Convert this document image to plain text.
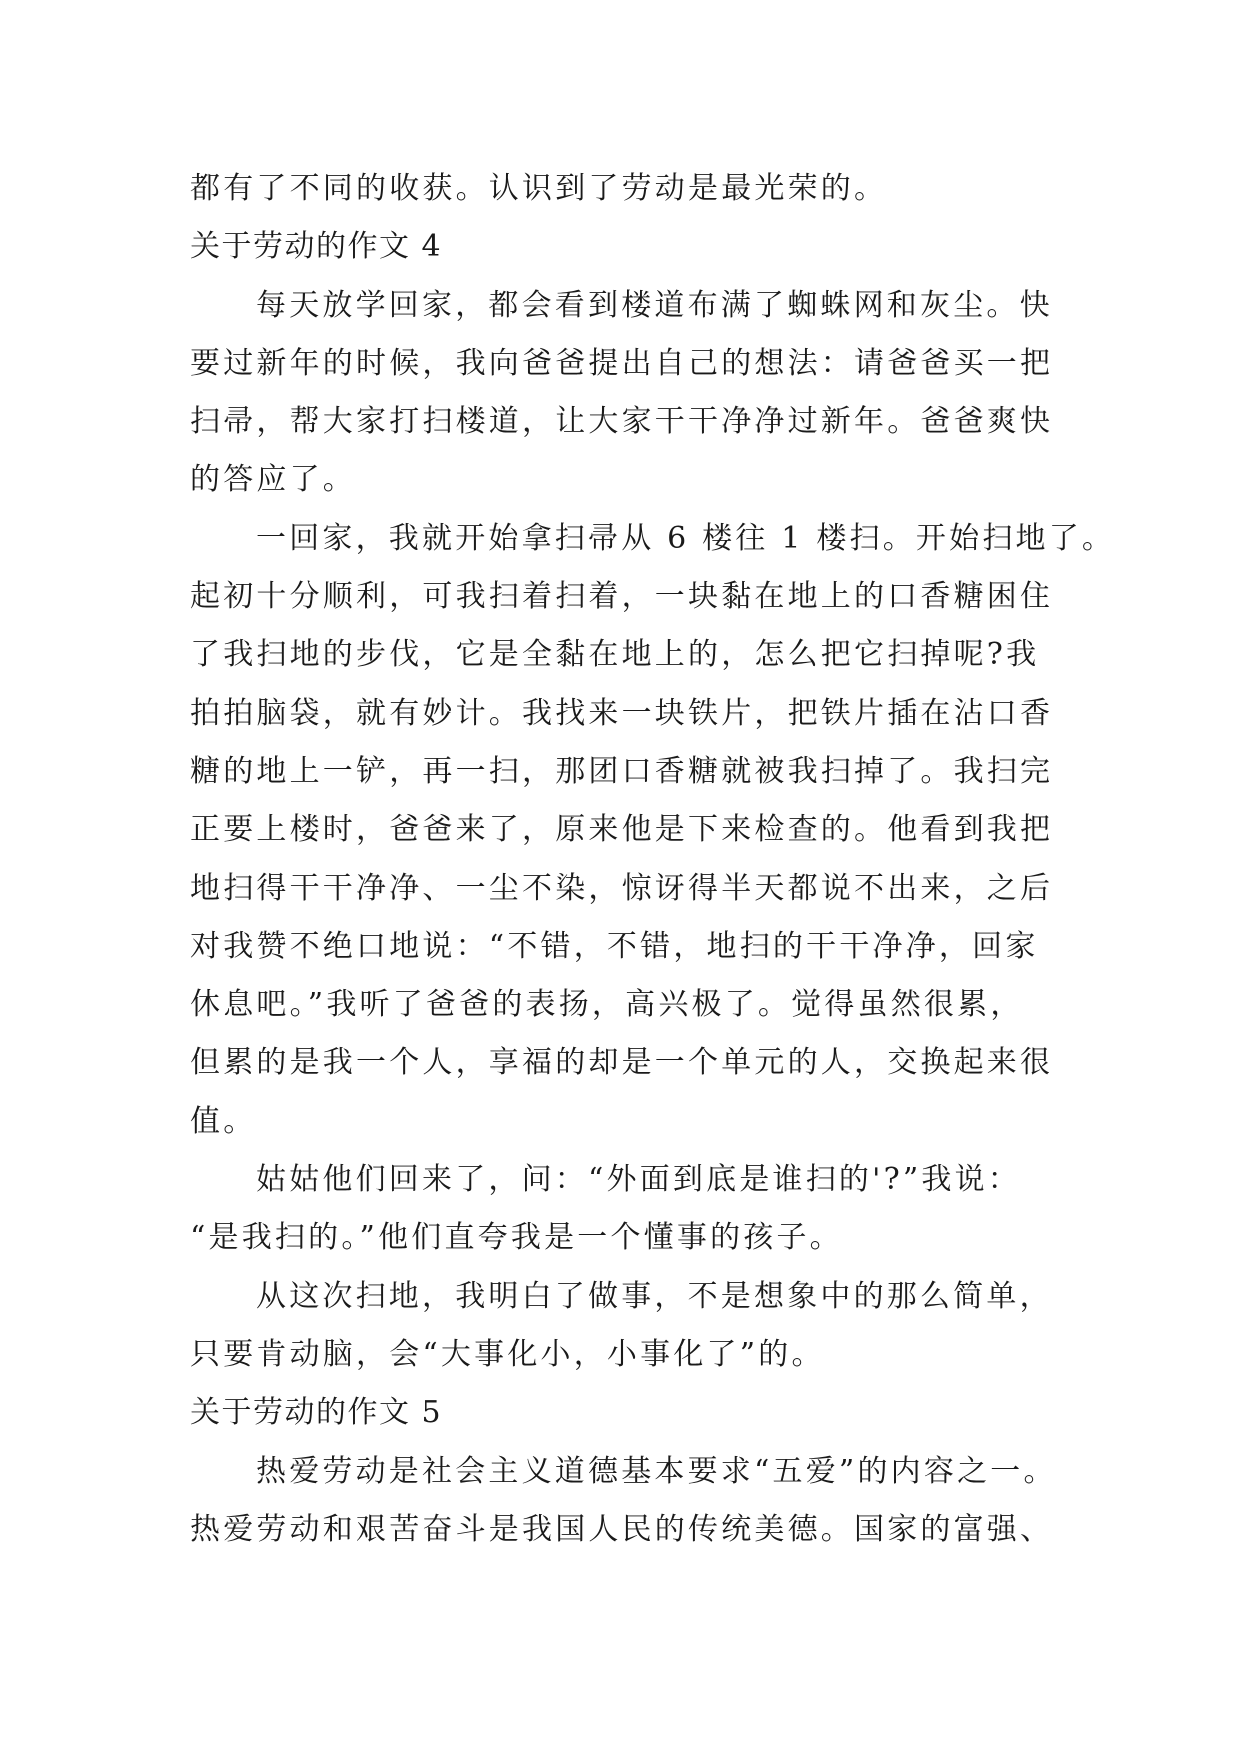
都有了不同的收获。认识到了劳动是最光荣的。
关于劳动的作文 4
每天放学回家，都会看到楼道布满了蜘蛛网和灰尘。快
要过新年的时候，我向爸爸提出自己的想法：请爸爸买一把
扫帚，帮大家打扫楼道，让大家干干净净过新年。爸爸爽快
的答应了。
一回家，我就开始拿扫帚从 6 楼往 1 楼扫。开始扫地了。
起初十分顺利，可我扫着扫着，一块黏在地上的口香糖困住
了我扫地的步伐，它是全黏在地上的，怎么把它扫掉呢?我
拍拍脑袋，就有妙计。我找来一块铁片，把铁片插在沾口香
糖的地上一铲，再一扫，那团口香糖就被我扫掉了。我扫完
正要上楼时，爸爸来了，原来他是下来检查的。他看到我把
地扫得干干净净、一尘不染，惊讶得半天都说不出来，之后
对我赞不绝口地说：“不错，不错，地扫的干干净净，回家
休息吧。”我听了爸爸的表扬，高兴极了。觉得虽然很累，
但累的是我一个人，享福的却是一个单元的人，交换起来很
值。
姑姑他们回来了，问：“外面到底是谁扫的'?”我说：
“是我扫的。”他们直夸我是一个懂事的孩子。
从这次扫地，我明白了做事，不是想象中的那么简单，
只要肯动脑，会“大事化小，小事化了”的。
关于劳动的作文 5
热爱劳动是社会主义道德基本要求“五爱”的内容之一。
热爱劳动和艰苦奋斗是我国人民的传统美德。国家的富强、
